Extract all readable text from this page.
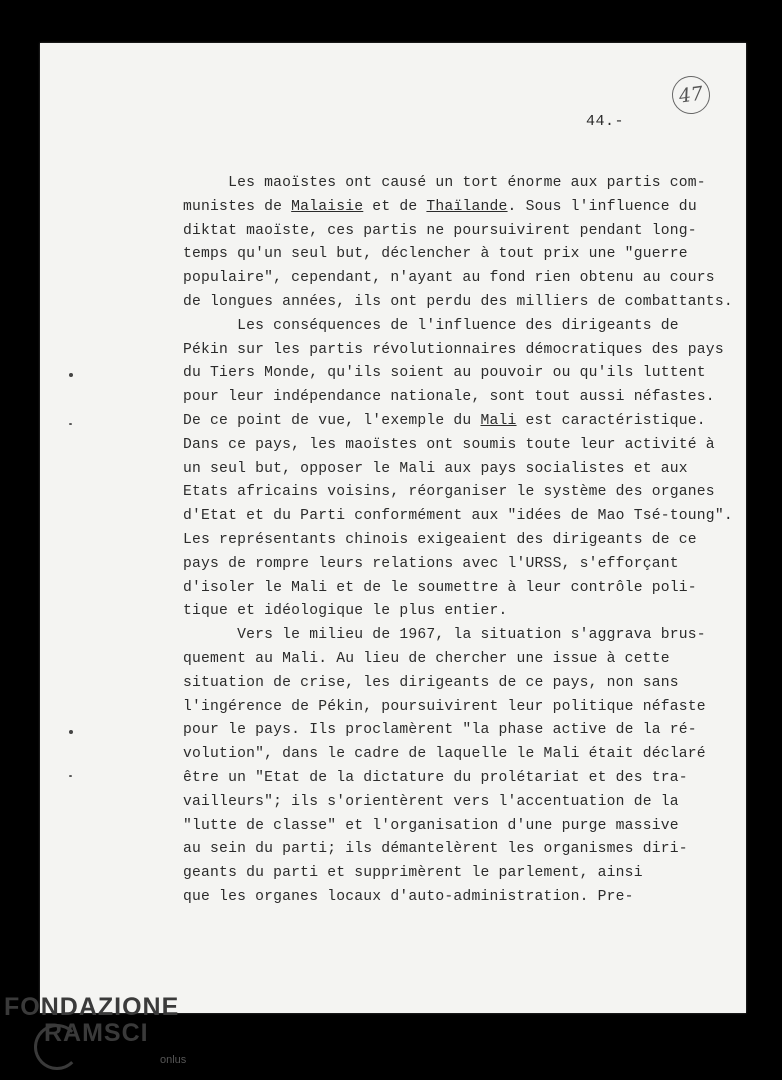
47
44.-
Les maoïstes ont causé un tort énorme aux partis com-
munistes de Malaisie et de Thaïlande. Sous l'influence du
diktat maoïste, ces partis ne poursuivirent pendant long-
temps qu'un seul but, déclencher à tout prix une "guerre
populaire", cependant, n'ayant au fond rien obtenu au cours
de longues années, ils ont perdu des milliers de combattants.
Les conséquences de l'influence des dirigeants de
Pékin sur les partis révolutionnaires démocratiques des pays
du Tiers Monde, qu'ils soient au pouvoir ou qu'ils luttent
pour leur indépendance nationale, sont tout aussi néfastes.
De ce point de vue, l'exemple du Mali est caractéristique.
Dans ce pays, les maoïstes ont soumis toute leur activité à
un seul but, opposer le Mali aux pays socialistes et aux
Etats africains voisins, réorganiser le système des organes
d'Etat et du Parti conformément aux "idées de Mao Tsé-toung".
Les représentants chinois exigeaient des dirigeants de ce
pays de rompre leurs relations avec l'URSS, s'efforçant
d'isoler le Mali et de le soumettre à leur contrôle poli-
tique et idéologique le plus entier.
Vers le milieu de 1967, la situation s'aggrava brus-
quement au Mali. Au lieu de chercher une issue à cette
situation de crise, les dirigeants de ce pays, non sans
l'ingérence de Pékin, poursuivirent leur politique néfaste
pour le pays. Ils proclamèrent "la phase active de la ré-
volution", dans le cadre de laquelle le Mali était déclaré
être un "Etat de la dictature du prolétariat et des tra-
vailleurs"; ils s'orientèrent vers l'accentuation de la
"lutte de classe" et l'organisation d'une purge massive
au sein du parti; ils démantelèrent les organismes diri-
geants du parti et supprimèrent le parlement, ainsi
que les organes locaux d'auto-administration. Pre-
FONDAZIONE
RAMSCI
onlus
